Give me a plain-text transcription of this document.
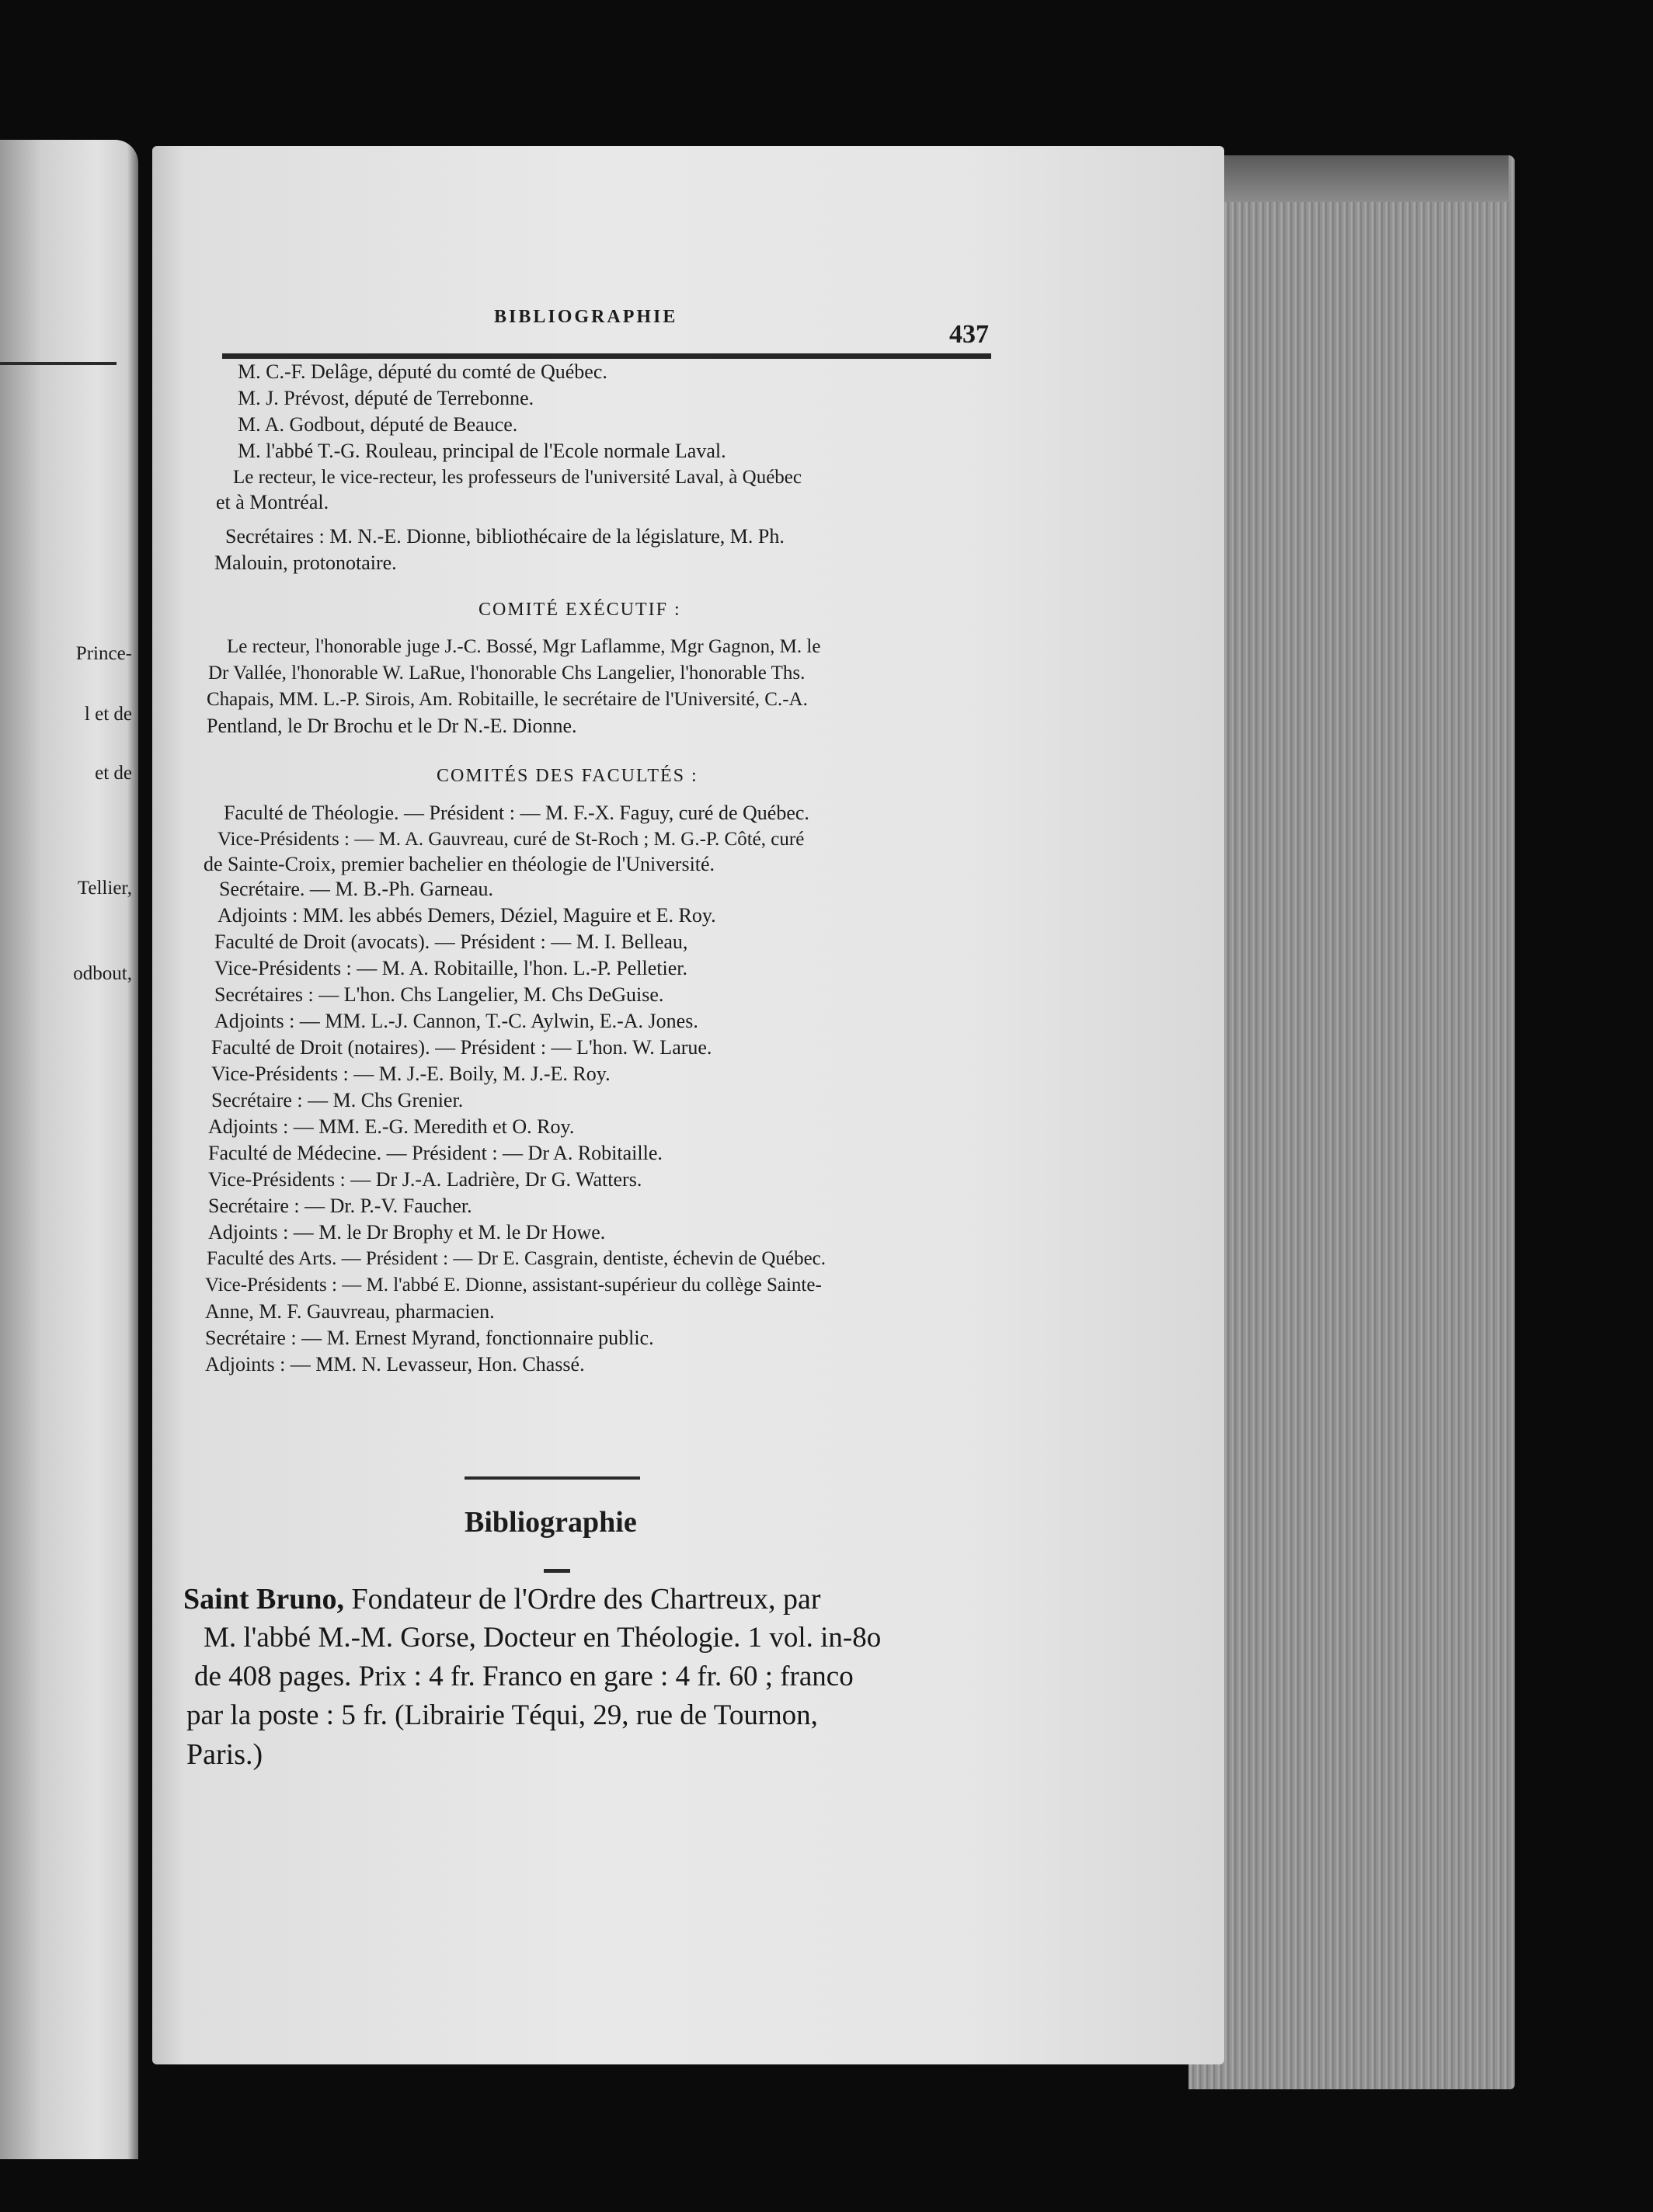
Prince-
l et de
et de
Tellier,
odbout,
BIBLIOGRAPHIE
437
M. C.-F. Delâge, député du comté de Québec.
M. J. Prévost, député de Terrebonne.
M. A. Godbout, député de Beauce.
M. l'abbé T.-G. Rouleau, principal de l'Ecole normale Laval.
Le recteur, le vice-recteur, les professeurs de l'université Laval, à Québec
et à Montréal.
Secrétaires : M. N.-E. Dionne, bibliothécaire de la législature, M. Ph.
Malouin, protonotaire.
COMITÉ EXÉCUTIF :
Le recteur, l'honorable juge J.-C. Bossé, Mgr Laflamme, Mgr Gagnon, M. le
Dr Vallée, l'honorable W. LaRue, l'honorable Chs Langelier, l'honorable Ths.
Chapais, MM. L.-P. Sirois, Am. Robitaille, le secrétaire de l'Université, C.-A.
Pentland, le Dr Brochu et le Dr N.-E. Dionne.
COMITÉS DES FACULTÉS :
Faculté de Théologie. — Président : — M. F.-X. Faguy, curé de Québec.
Vice-Présidents : — M. A. Gauvreau, curé de St-Roch ; M. G.-P. Côté, curé
de Sainte-Croix, premier bachelier en théologie de l'Université.
Secrétaire. — M. B.-Ph. Garneau.
Adjoints : MM. les abbés Demers, Déziel, Maguire et E. Roy.
Faculté de Droit (avocats). — Président : — M. I. Belleau,
Vice-Présidents : — M. A. Robitaille, l'hon. L.-P. Pelletier.
Secrétaires : — L'hon. Chs Langelier, M. Chs DeGuise.
Adjoints : — MM. L.-J. Cannon, T.-C. Aylwin, E.-A. Jones.
Faculté de Droit (notaires). — Président : — L'hon. W. Larue.
Vice-Présidents : — M. J.-E. Boily, M. J.-E. Roy.
Secrétaire : — M. Chs Grenier.
Adjoints : — MM. E.-G. Meredith et O. Roy.
Faculté de Médecine. — Président : — Dr A. Robitaille.
Vice-Présidents : — Dr J.-A. Ladrière, Dr G. Watters.
Secrétaire : — Dr. P.-V. Faucher.
Adjoints : — M. le Dr Brophy et M. le Dr Howe.
Faculté des Arts. — Président : — Dr E. Casgrain, dentiste, échevin de Québec.
Vice-Présidents : — M. l'abbé E. Dionne, assistant-supérieur du collège Sainte-
Anne, M. F. Gauvreau, pharmacien.
Secrétaire : — M. Ernest Myrand, fonctionnaire public.
Adjoints : — MM. N. Levasseur, Hon. Chassé.
Bibliographie
Saint Bruno, Fondateur de l'Ordre des Chartreux, par
M. l'abbé M.-M. Gorse, Docteur en Théologie. 1 vol. in-8o
de 408 pages. Prix : 4 fr. Franco en gare : 4 fr. 60 ; franco
par la poste : 5 fr. (Librairie Téqui, 29, rue de Tournon,
Paris.)
